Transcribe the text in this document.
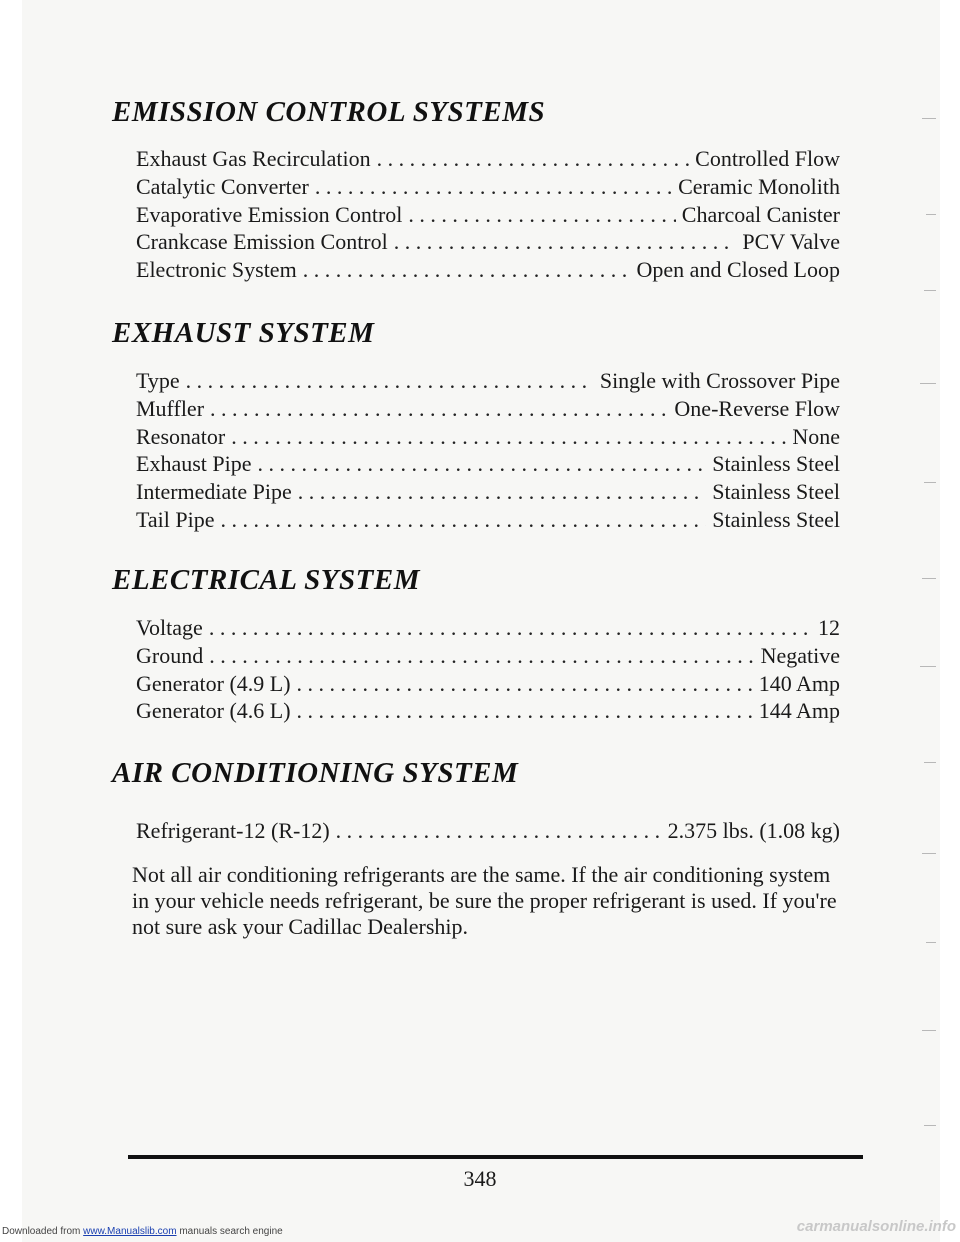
EMISSION CONTROL SYSTEMS
Exhaust Gas Recirculation . . .	Controlled Flow
Catalytic Converter . . .	Ceramic Monolith
Evaporative Emission Control . . .	Charcoal Canister
Crankcase Emission Control . . .	PCV Valve
Electronic System . . .	Open and Closed Loop
EXHAUST SYSTEM
Type . . .	Single with Crossover Pipe
Muffler . . .	One-Reverse Flow
Resonator . . .	None
Exhaust Pipe . . .	Stainless Steel
Intermediate Pipe . . .	Stainless Steel
Tail Pipe . . .	Stainless Steel
ELECTRICAL SYSTEM
Voltage . . .	12
Ground . . .	Negative
Generator (4.9 L) . . .	140 Amp
Generator (4.6 L) . . .	144 Amp
AIR CONDITIONING SYSTEM
Refrigerant-12 (R-12) . . .	2.375 lbs. (1.08 kg)

Not all air conditioning refrigerants are the same. If the air conditioning system in your vehicle needs refrigerant, be sure the proper refrigerant is used. If you're not sure ask your Cadillac Dealership.

348
Downloaded from www.Manualslib.com manuals search engine	carmanualsonline.info
